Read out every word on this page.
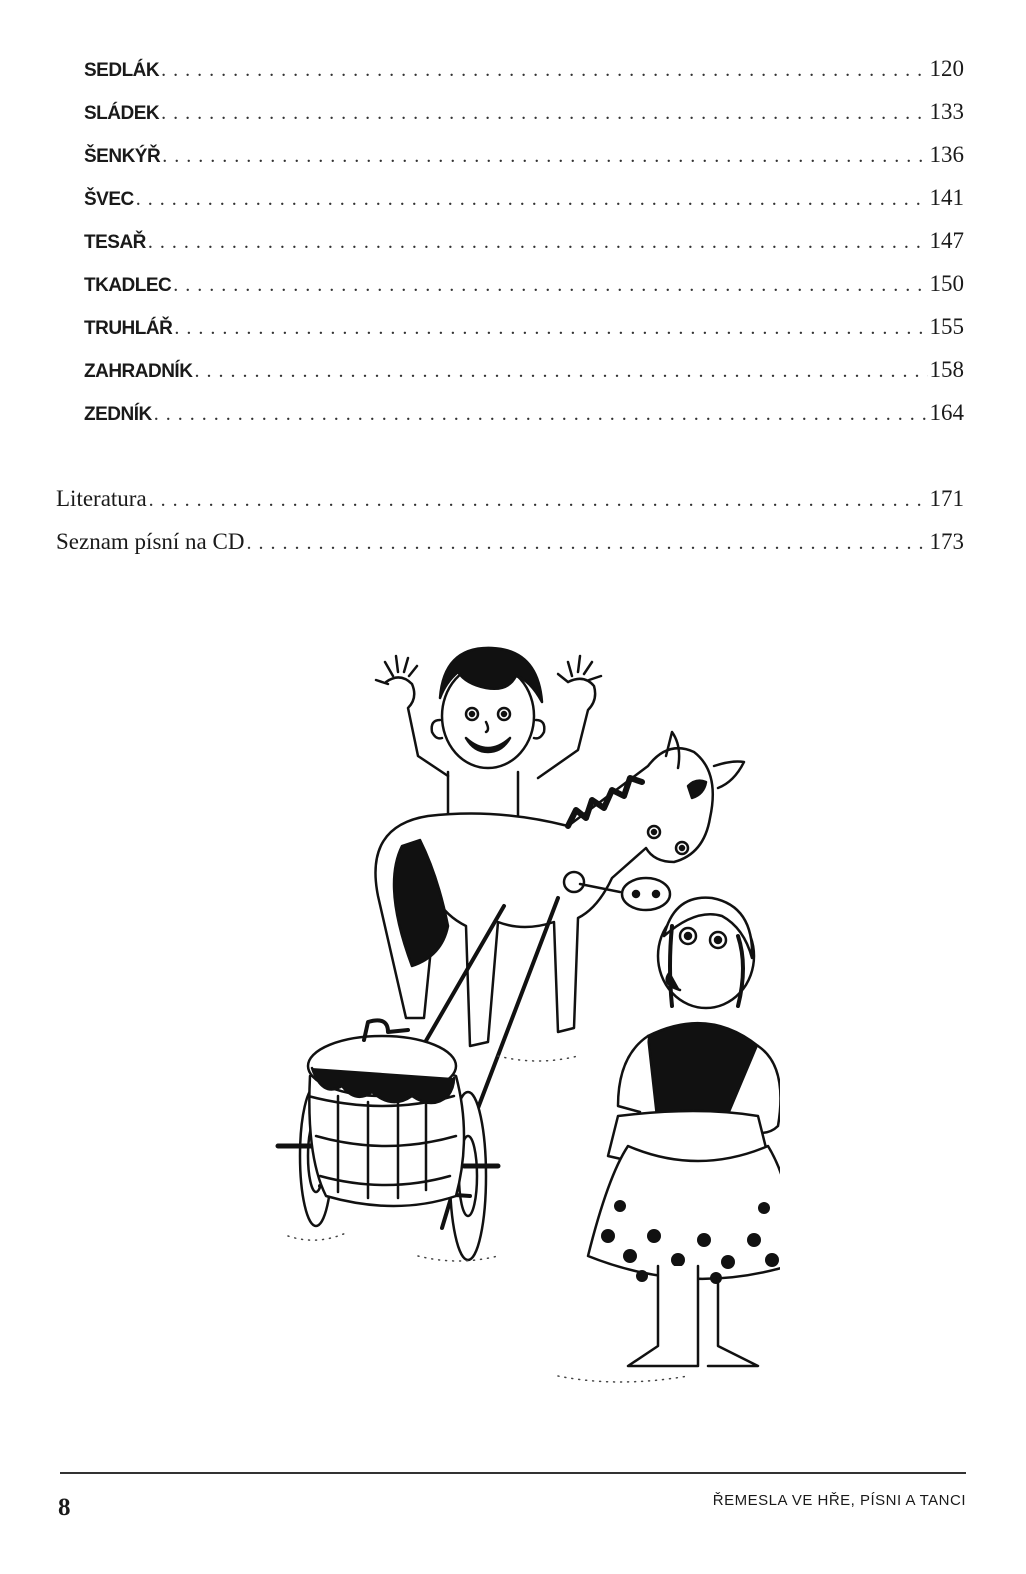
SEDLÁK . . .	120
SLÁDEK . . .	133
ŠENKÝŘ . . .	136
ŠVEC . . .	141
TESAŘ . . .	147
TKADLEC . . .	150
TRUHLÁŘ . . .	155
ZAHRADNÍK . . .	158
ZEDNÍK . . .	164
Literatura . . .	171
Seznam písní na CD . . .	173
8	ŘEMESLA VE HŘE, PÍSNI A TANCI
